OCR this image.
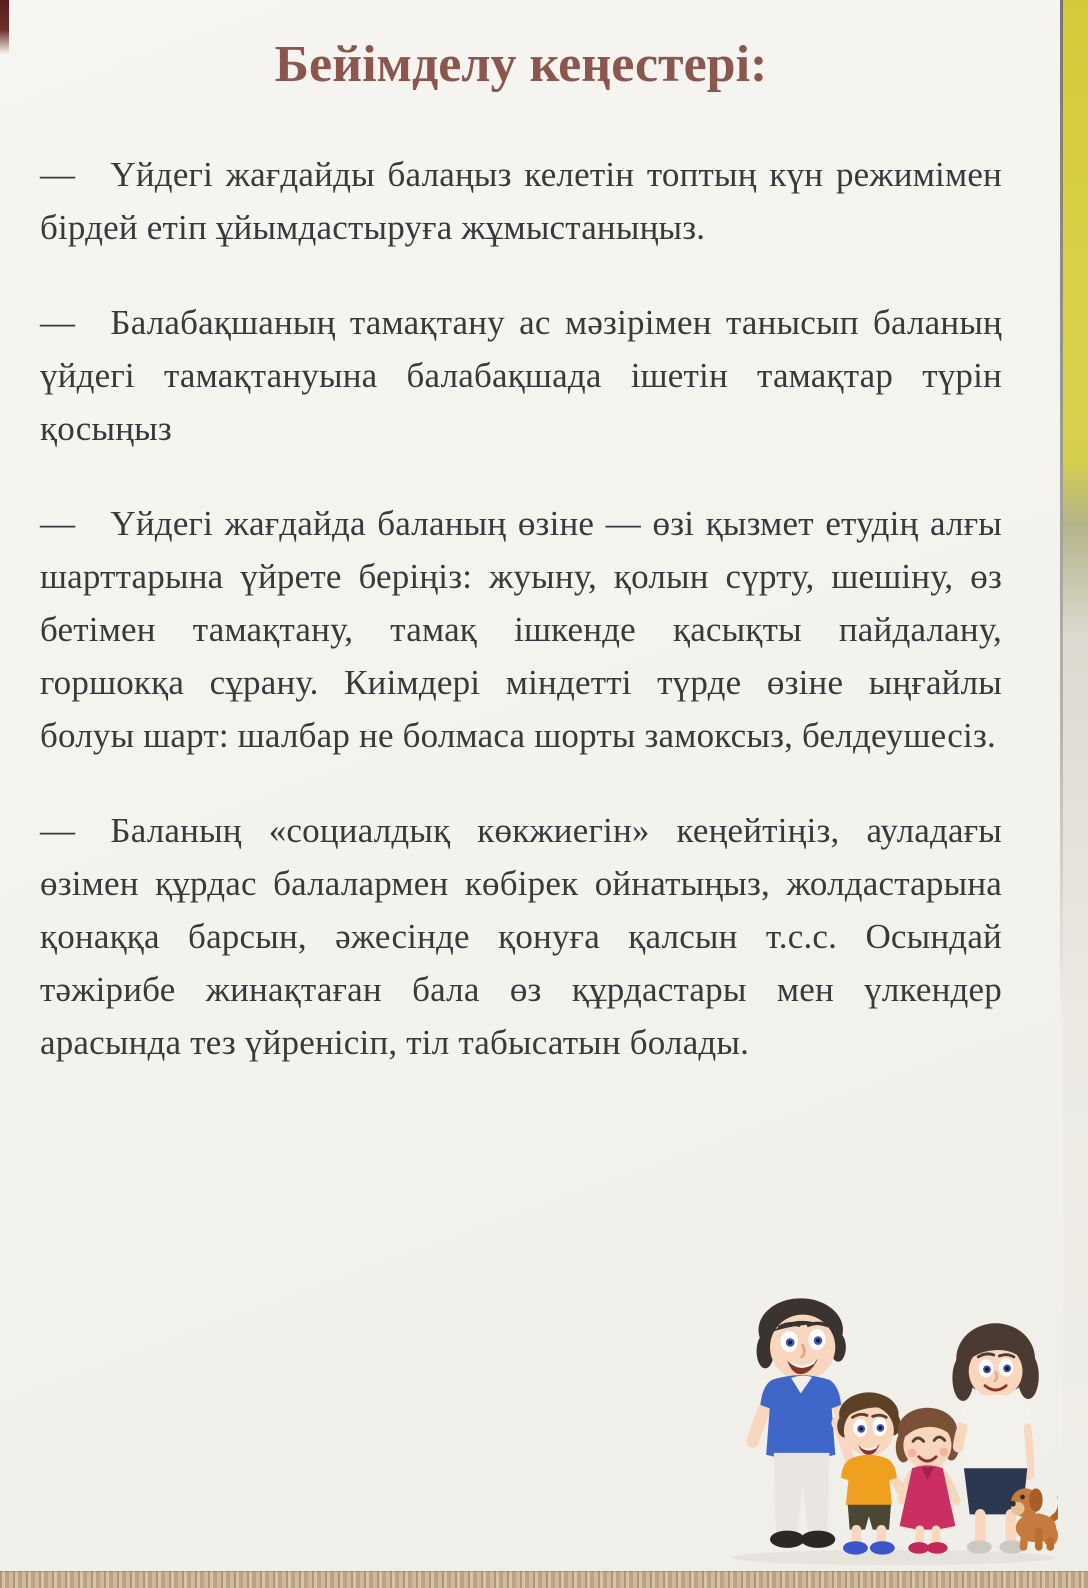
Бейімделу кеңестері:

— Үйдегі жағдайды балаңыз келетін топтың күн режимімен бірдей етіп ұйымдастыруға жұмыстаныңыз.

— Балабақшаның тамақтану ас мәзірімен танысып баланың үйдегі тамақтануына балабақшада ішетін тамақтар түрін қосыңыз

— Үйдегі жағдайда баланың өзіне — өзі қызмет етудің алғы шарттарына үйрете беріңіз: жуыну, қолын сүрту, шешіну, өз бетімен тамақтану, тамақ ішкенде қасықты пайдалану, горшокқа сұрану. Киімдері міндетті түрде өзіне ыңғайлы болуы шарт: шалбар не болмаса шорты замоксыз, белдеушесіз.

— Баланың «социалдық көкжиегін» кеңейтіңіз, ауладағы өзімен құрдас балалармен көбірек ойнатыңыз, жолдастарына қонаққа барсын, әжесінде қонуға қалсын т.с.с. Осындай тәжірибе жинақтаған бала өз құрдастары мен үлкендер арасында тез үйренісіп, тіл табысатын болады.
